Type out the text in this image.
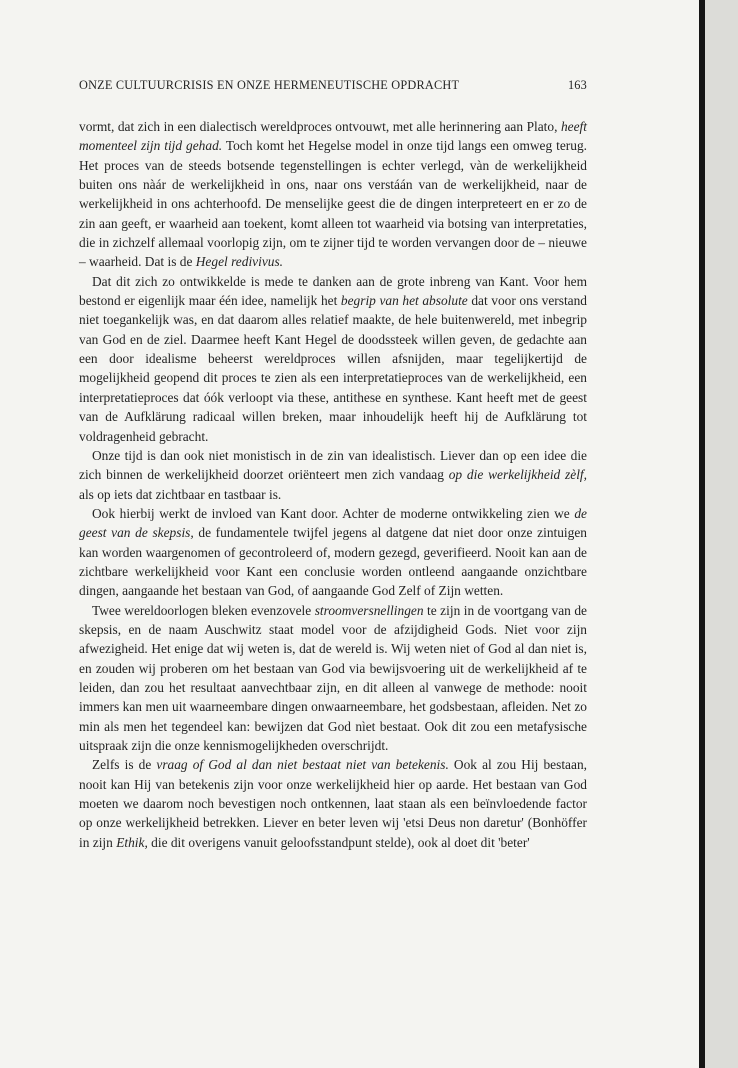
ONZE CULTUURCRISIS EN ONZE HERMENEUTISCHE OPDRACHT	163

vormt, dat zich in een dialectisch wereldproces ontvouwt, met alle herinnering aan Plato, heeft momenteel zijn tijd gehad. Toch komt het Hegelse model in onze tijd langs een omweg terug. Het proces van de steeds botsende tegenstellingen is echter verlegd, vàn de werkelijkheid buiten ons nàár de werkelijkheid ìn ons, naar ons verstáán van de werkelijkheid, naar de werkelijkheid in ons achterhoofd. De menselijke geest die de dingen interpreteert en er zo de zin aan geeft, er waarheid aan toekent, komt alleen tot waarheid via botsing van interpretaties, die in zichzelf allemaal voorlopig zijn, om te zijner tijd te worden vervangen door de – nieuwe – waarheid. Dat is de Hegel redivivus.

Dat dit zich zo ontwikkelde is mede te danken aan de grote inbreng van Kant. Voor hem bestond er eigenlijk maar één idee, namelijk het begrip van het absolute dat voor ons verstand niet toegankelijk was, en dat daarom alles relatief maakte, de hele buitenwereld, met inbegrip van God en de ziel. Daarmee heeft Kant Hegel de doodssteek willen geven, de gedachte aan een door idealisme beheerst wereldproces willen afsnijden, maar tegelijkertijd de mogelijkheid geopend dit proces te zien als een interpretatieproces van de werkelijkheid, een interpretatieproces dat óók verloopt via these, antithese en synthese. Kant heeft met de geest van de Aufklärung radicaal willen breken, maar inhoudelijk heeft hij de Aufklärung tot voldragenheid gebracht.

Onze tijd is dan ook niet monistisch in de zin van idealistisch. Liever dan op een idee die zich binnen de werkelijkheid doorzet oriënteert men zich vandaag op die werkelijkheid zèlf, als op iets dat zichtbaar en tastbaar is.

Ook hierbij werkt de invloed van Kant door. Achter de moderne ontwikkeling zien we de geest van de skepsis, de fundamentele twijfel jegens al datgene dat niet door onze zintuigen kan worden waargenomen of gecontroleerd of, modern gezegd, geverifieerd. Nooit kan aan de zichtbare werkelijkheid voor Kant een conclusie worden ontleend aangaande onzichtbare dingen, aangaande het bestaan van God, of aangaande God Zelf of Zijn wetten.

Twee wereldoorlogen bleken evenzovele stroomversnellingen te zijn in de voortgang van de skepsis, en de naam Auschwitz staat model voor de afzijdigheid Gods. Niet voor zijn afwezigheid. Het enige dat wij weten is, dat de wereld is. Wij weten niet of God al dan niet is, en zouden wij proberen om het bestaan van God via bewijsvoering uit de werkelijkheid af te leiden, dan zou het resultaat aanvechtbaar zijn, en dit alleen al vanwege de methode: nooit immers kan men uit waarneembare dingen onwaarneembare, het godsbestaan, afleiden. Net zo min als men het tegendeel kan: bewijzen dat God nìet bestaat. Ook dit zou een metafysische uitspraak zijn die onze kennismogelijkheden overschrijdt.

Zelfs is de vraag of God al dan niet bestaat niet van betekenis. Ook al zou Hij bestaan, nooit kan Hij van betekenis zijn voor onze werkelijkheid hier op aarde. Het bestaan van God moeten we daarom noch bevestigen noch ontkennen, laat staan als een beïnvloedende factor op onze werkelijkheid betrekken. Liever en beter leven wij 'etsi Deus non daretur' (Bonhöffer in zijn Ethik, die dit overigens vanuit geloofsstandpunt stelde), ook al doet dit 'beter'
